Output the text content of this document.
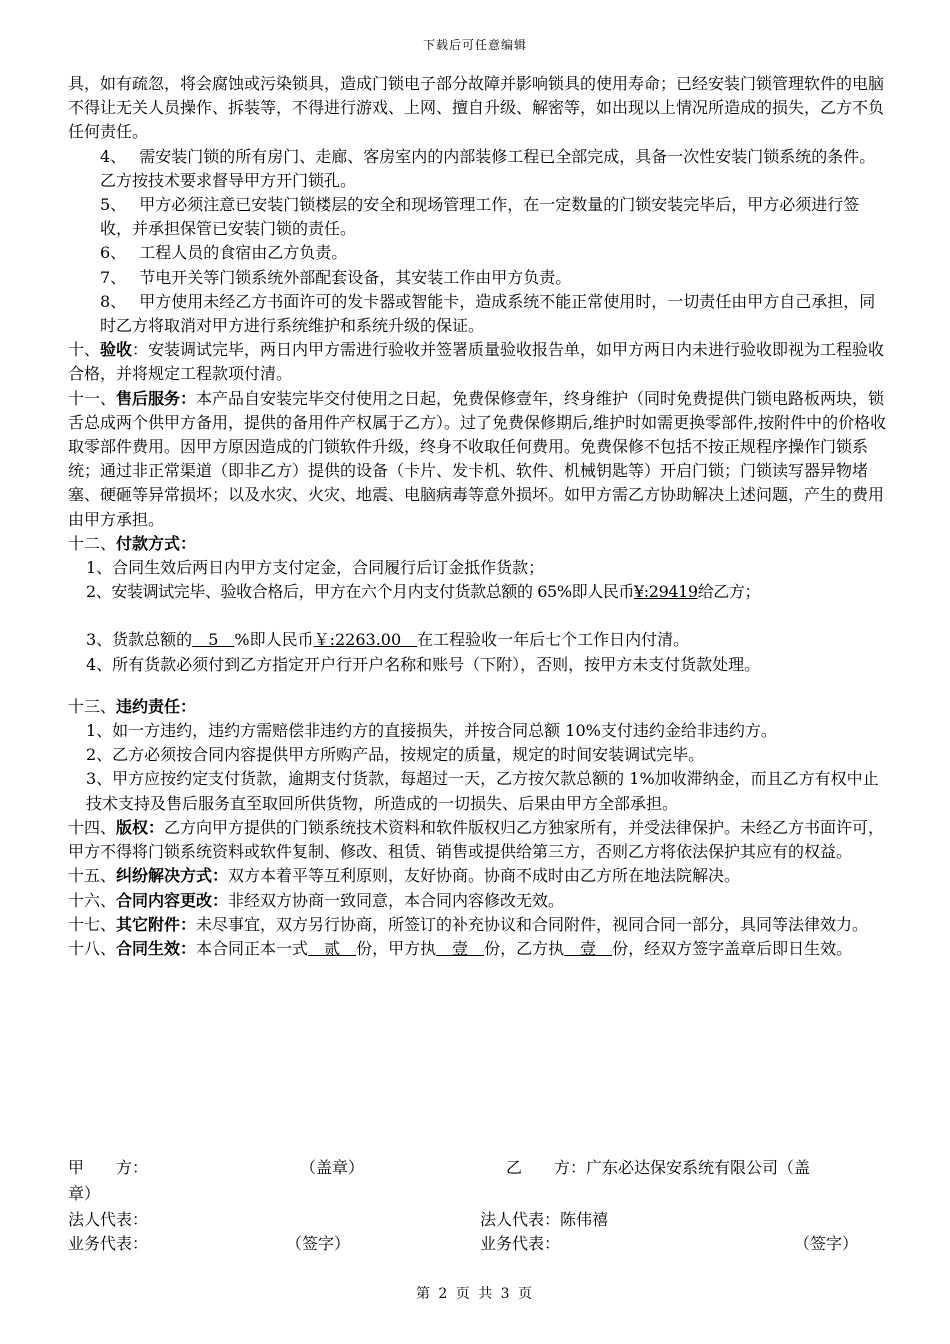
下载后可任意编辑

具，如有疏忽，将会腐蚀或污染锁具，造成门锁电子部分故障并影响锁具的使用寿命；已经安装门锁管理软件的电脑不得让无关人员操作、拆装等，不得进行游戏、上网、擅自升级、解密等，如出现以上情况所造成的损失，乙方不负任何责任。

4、　 需安装门锁的所有房门、走廊、客房室内的内部装修工程已全部完成，具备一次性安装门锁系统的条件。乙方按技术要求督导甲方开门锁孔。

5、　 甲方必须注意已安装门锁楼层的安全和现场管理工作，在一定数量的门锁安装完毕后，甲方必须进行签收，并承担保管已安装门锁的责任。

6、　 工程人员的食宿由乙方负责。

7、　 节电开关等门锁系统外部配套设备，其安装工作由甲方负责。

8、　 甲方使用未经乙方书面许可的发卡器或智能卡，造成系统不能正常使用时，一切责任由甲方自己承担，同时乙方将取消对甲方进行系统维护和系统升级的保证。

十、验收：安装调试完毕，两日内甲方需进行验收并签署质量验收报告单，如甲方两日内未进行验收即视为工程验收合格，并将规定工程款项付清。

十一、售后服务：本产品自安装完毕交付使用之日起，免费保修壹年，终身维护（同时免费提供门锁电路板两块，锁舌总成两个供甲方备用，提供的备用件产权属于乙方）。过了免费保修期后,维护时如需更换零部件,按附件中的价格收取零部件费用。因甲方原因造成的门锁软件升级，终身不收取任何费用。免费保修不包括不按正规程序操作门锁系统；通过非正常渠道（即非乙方）提供的设备（卡片、发卡机、软件、机械钥匙等）开启门锁；门锁读写器异物堵塞、硬砸等异常损坏；以及水灾、火灾、地震、电脑病毒等意外损坏。如甲方需乙方协助解决上述问题，产生的费用由甲方承担。

十二、付款方式：

1、合同生效后两日内甲方支付定金，合同履行后订金抵作货款；

2、安装调试完毕、验收合格后，甲方在六个月内支付货款总额的 65%即人民币¥:29419给乙方；

3、货款总额的　5　%即人民币￥:2263.00　在工程验收一年后七个工作日内付清。

4、所有货款必须付到乙方指定开户行开户名称和账号（下附），否则，按甲方未支付货款处理。

十三、违约责任：

1、如一方违约，违约方需赔偿非违约方的直接损失，并按合同总额 10%支付违约金给非违约方。

2、乙方必须按合同内容提供甲方所购产品，按规定的质量，规定的时间安装调试完毕。

3、甲方应按约定支付货款，逾期支付货款，每超过一天，乙方按欠款总额的 1%加收滞纳金，而且乙方有权中止技术支持及售后服务直至取回所供货物，所造成的一切损失、后果由甲方全部承担。

十四、版权：乙方向甲方提供的门锁系统技术资料和软件版权归乙方独家所有，并受法律保护。未经乙方书面许可，甲方不得将门锁系统资料或软件复制、修改、租赁、销售或提供给第三方，否则乙方将依法保护其应有的权益。

十五、纠纷解决方式：双方本着平等互利原则，友好协商。协商不成时由乙方所在地法院解决。

十六、合同内容更改：非经双方协商一致同意，本合同内容修改无效。

十七、其它附件：未尽事宜，双方另行协商，所签订的补充协议和合同附件，视同合同一部分，具同等法律效力。

十八、合同生效：本合同正本一式　贰　份，甲方执　壹　份，乙方执　壹　份，经双方签字盖章后即日生效。

甲　　方：	（盖章）	乙　　方：广东必达保安系统有限公司（盖
章）
法人代表：	法人代表：陈伟禧
业务代表：	（签字）	业务代表：	（签字）
第 2 页 共 3 页
